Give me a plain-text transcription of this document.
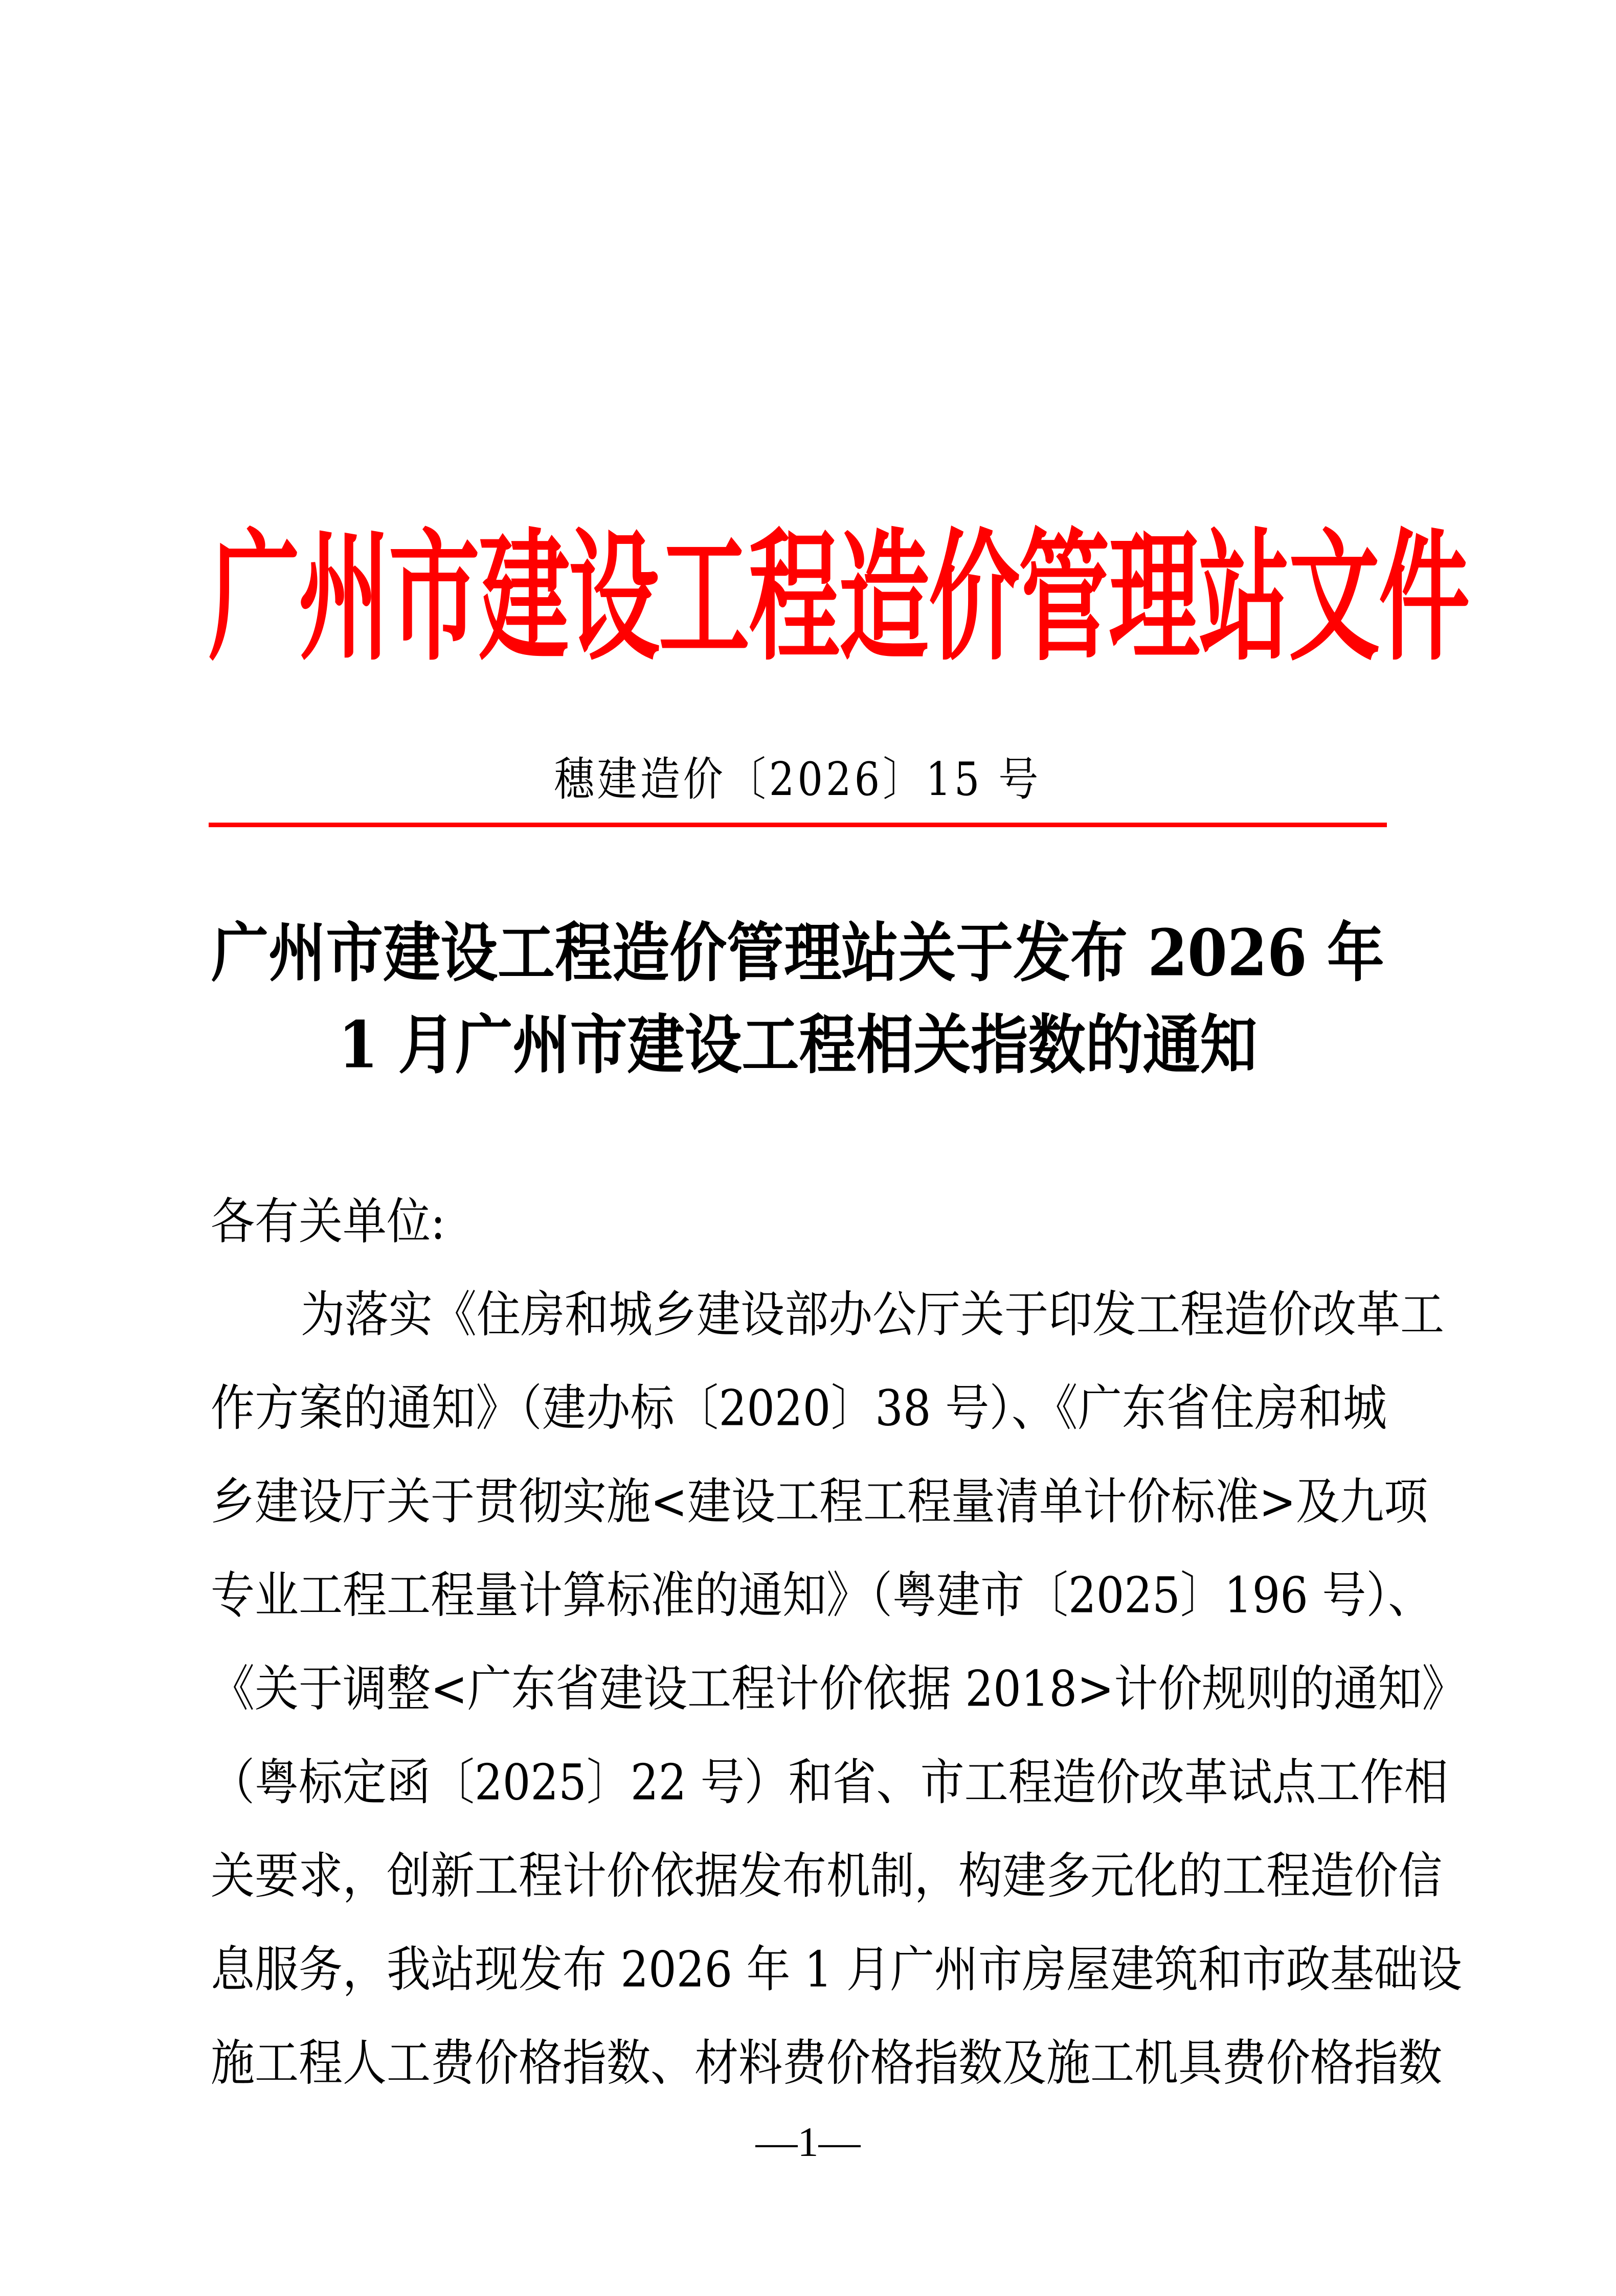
广州市建设工程造价管理站文件
穗建造价〔2026〕15 号
广州市建设工程造价管理站关于发布 2026 年
1 月广州市建设工程相关指数的通知
各有关单位:
为落实《住房和城乡建设部办公厅关于印发工程造价改革工
作方案的通知》（建办标〔2020〕38 号）、《广东省住房和城
乡建设厅关于贯彻实施<建设工程工程量清单计价标准>及九项
专业工程工程量计算标准的通知》（粤建市〔2025〕196 号）、
《关于调整<广东省建设工程计价依据 2018>计价规则的通知》
（粤标定函〔2025〕22 号）和省、市工程造价改革试点工作相
关要求，创新工程计价依据发布机制，构建多元化的工程造价信
息服务，我站现发布 2026 年 1 月广州市房屋建筑和市政基础设
施工程人工费价格指数、材料费价格指数及施工机具费价格指数
—1—
